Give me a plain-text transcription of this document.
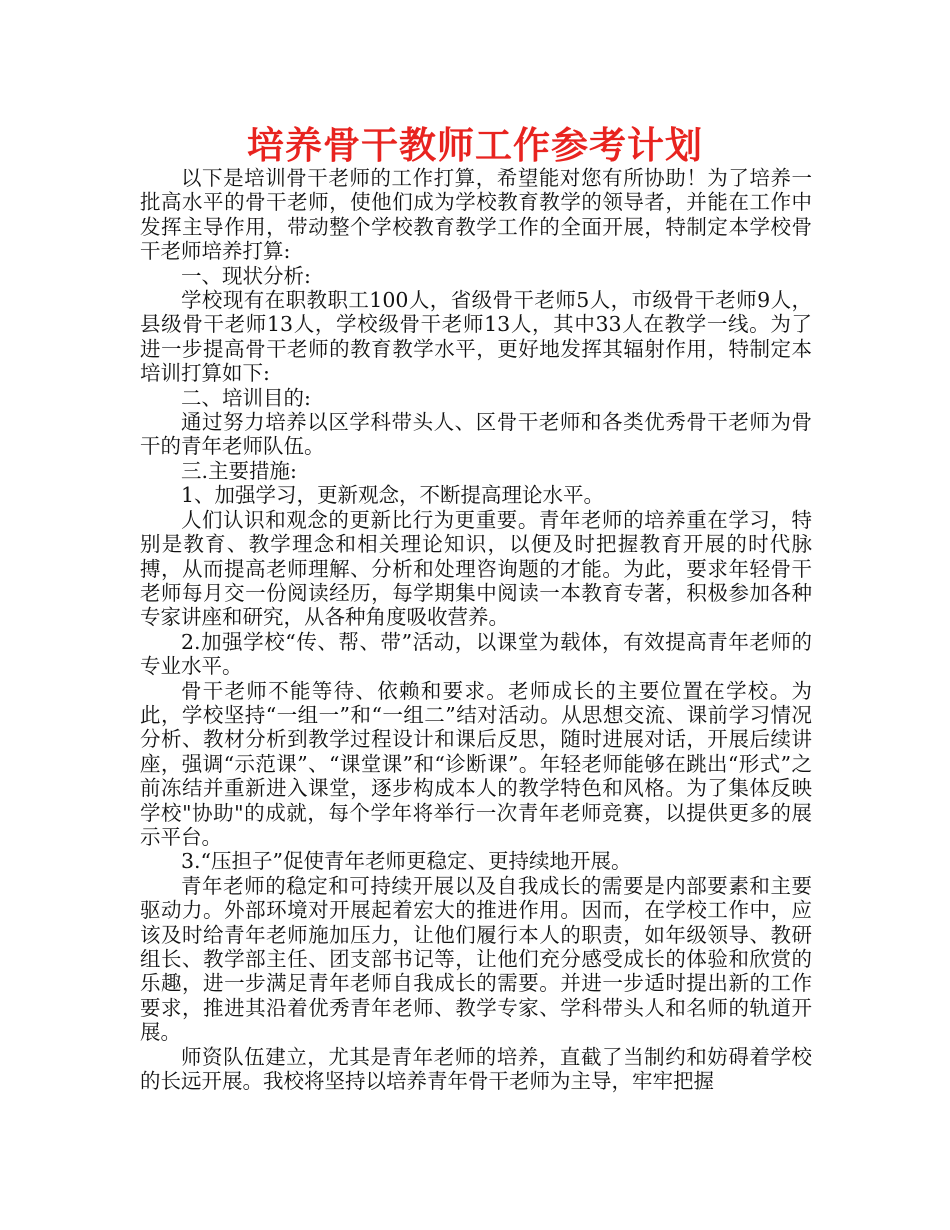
培养骨干教师工作参考计划

以下是培训骨干老师的工作打算，希望能对您有所协助！为了培养一批高水平的骨干老师，使他们成为学校教育教学的领导者，并能在工作中发挥主导作用，带动整个学校教育教学工作的全面开展，特制定本学校骨干老师培养打算:

一、现状分析:

学校现有在职教职工100人，省级骨干老师5人，市级骨干老师9人，县级骨干老师13人，学校级骨干老师13人，其中33人在教学一线。为了进一步提高骨干老师的教育教学水平，更好地发挥其辐射作用，特制定本培训打算如下:

二、培训目的:

通过努力培养以区学科带头人、区骨干老师和各类优秀骨干老师为骨干的青年老师队伍。

三.主要措施:

1、加强学习，更新观念，不断提高理论水平。

人们认识和观念的更新比行为更重要。青年老师的培养重在学习，特别是教育、教学理念和相关理论知识，以便及时把握教育开展的时代脉搏，从而提高老师理解、分析和处理咨询题的才能。为此，要求年轻骨干老师每月交一份阅读经历，每学期集中阅读一本教育专著，积极参加各种专家讲座和研究，从各种角度吸收营养。

2.加强学校“传、帮、带”活动，以课堂为载体，有效提高青年老师的专业水平。

骨干老师不能等待、依赖和要求。老师成长的主要位置在学校。为此，学校坚持“一组一”和“一组二”结对活动。从思想交流、课前学习情况分析、教材分析到教学过程设计和课后反思，随时进展对话，开展后续讲座，强调“示范课”、“课堂课”和“诊断课”。年轻老师能够在跳出“形式”之前冻结并重新进入课堂，逐步构成本人的教学特色和风格。为了集体反映学校"协助"的成就，每个学年将举行一次青年老师竞赛，以提供更多的展示平台。

3.“压担子”促使青年老师更稳定、更持续地开展。

青年老师的稳定和可持续开展以及自我成长的需要是内部要素和主要驱动力。外部环境对开展起着宏大的推进作用。因而，在学校工作中，应该及时给青年老师施加压力，让他们履行本人的职责，如年级领导、教研组长、教学部主任、团支部书记等，让他们充分感受成长的体验和欣赏的乐趣，进一步满足青年老师自我成长的需要。并进一步适时提出新的工作要求，推进其沿着优秀青年老师、教学专家、学科带头人和名师的轨道开展。

师资队伍建立，尤其是青年老师的培养，直截了当制约和妨碍着学校的长远开展。我校将坚持以培养青年骨干老师为主导，牢牢把握
